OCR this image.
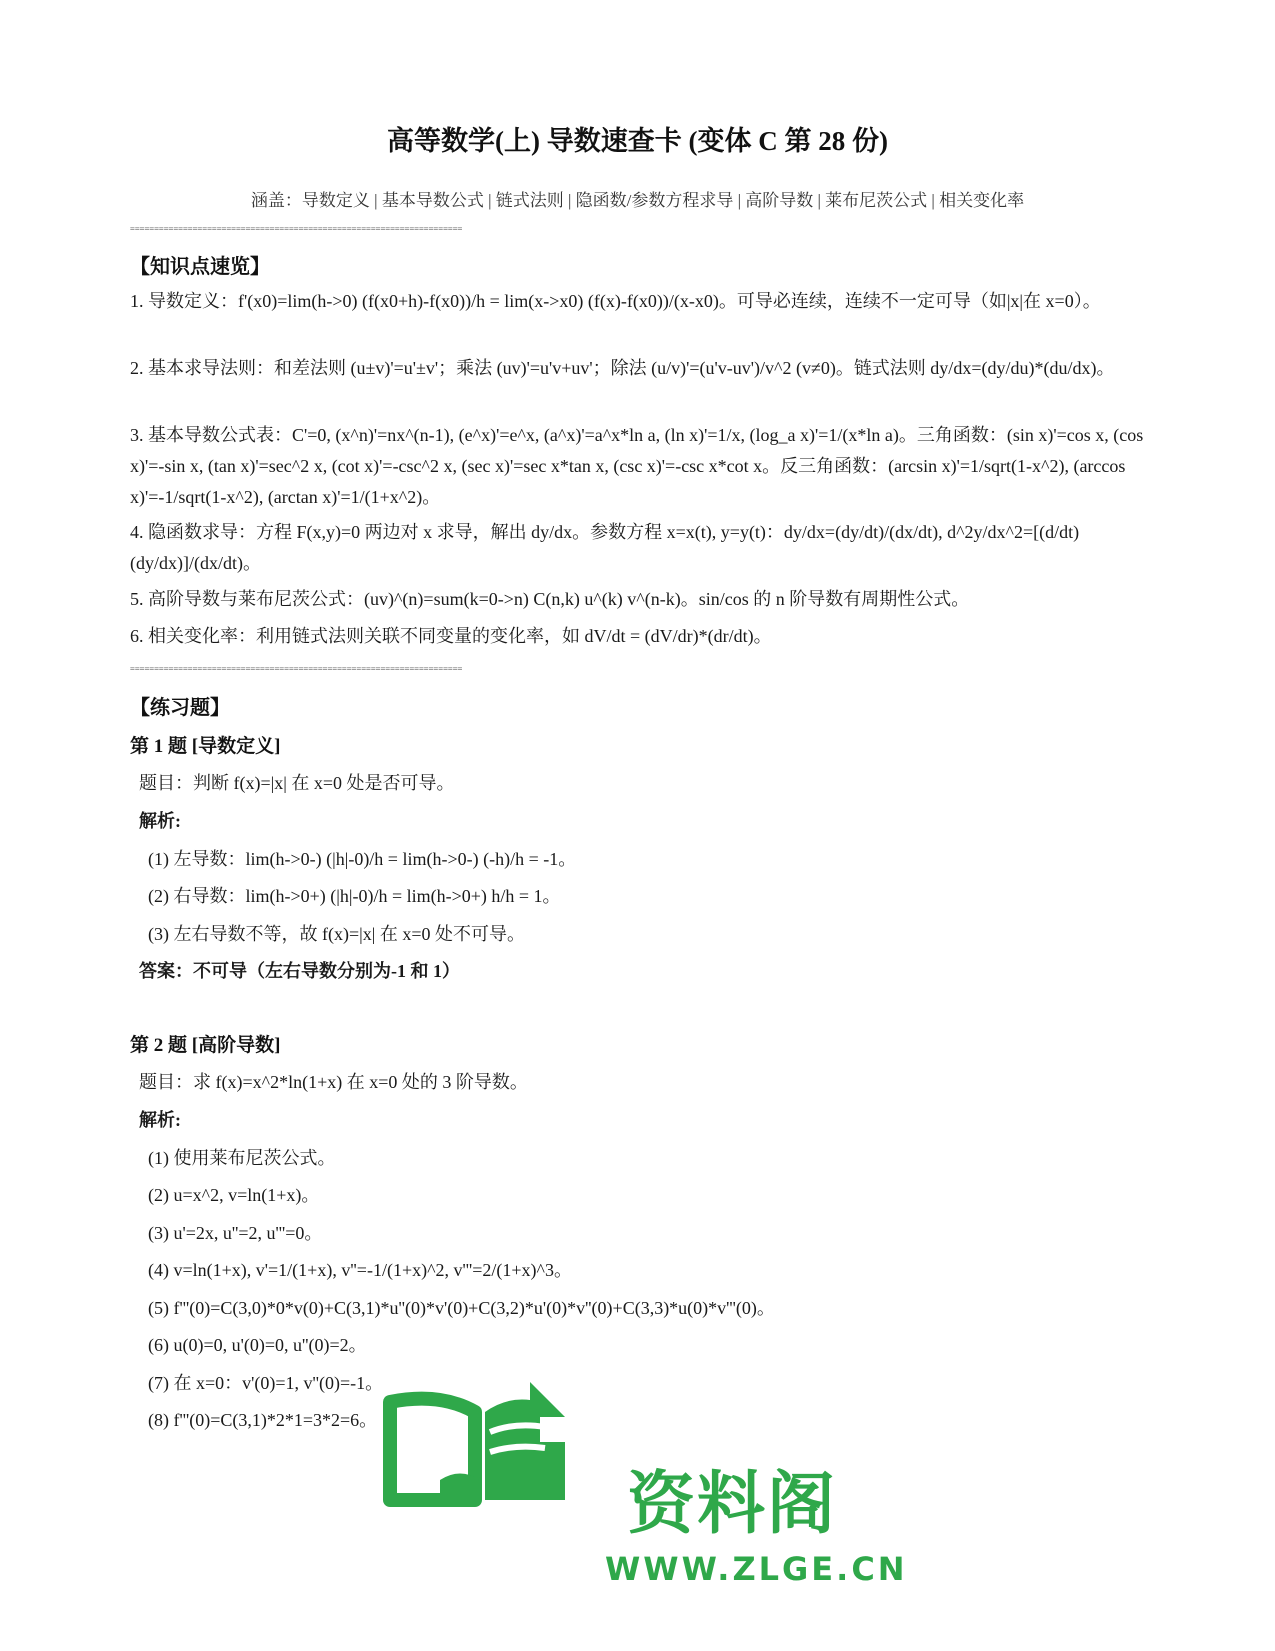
高等数学(上) 导数速查卡 (变体 C 第 28 份)
涵盖：导数定义 | 基本导数公式 | 链式法则 | 隐函数/参数方程求导 | 高阶导数 | 莱布尼茨公式 | 相关变化率
=====================================================================
【知识点速览】
1. 导数定义：f'(x0)=lim(h->0) (f(x0+h)-f(x0))/h = lim(x->x0) (f(x)-f(x0))/(x-x0)。可导必连续，连续不一定可导（如|x|在 x=0）。
2. 基本求导法则：和差法则 (u±v)'=u'±v'；乘法 (uv)'=u'v+uv'；除法 (u/v)'=(u'v-uv')/v^2 (v≠0)。链式法则 dy/dx=(dy/du)*(du/dx)。
3. 基本导数公式表：C'=0, (x^n)'=nx^(n-1), (e^x)'=e^x, (a^x)'=a^x*ln a, (ln x)'=1/x, (log_a x)'=1/(x*ln a)。三角函数：(sin x)'=cos x, (cos x)'=-sin x, (tan x)'=sec^2 x, (cot x)'=-csc^2 x, (sec x)'=sec x*tan x, (csc x)'=-csc x*cot x。反三角函数：(arcsin x)'=1/sqrt(1-x^2), (arccos x)'=-1/sqrt(1-x^2), (arctan x)'=1/(1+x^2)。
4. 隐函数求导：方程 F(x,y)=0 两边对 x 求导，解出 dy/dx。参数方程 x=x(t), y=y(t)：dy/dx=(dy/dt)/(dx/dt), d^2y/dx^2=[(d/dt)(dy/dx)]/(dx/dt)。
5. 高阶导数与莱布尼茨公式：(uv)^(n)=sum(k=0->n) C(n,k) u^(k) v^(n-k)。sin/cos 的 n 阶导数有周期性公式。
6. 相关变化率：利用链式法则关联不同变量的变化率，如 dV/dt = (dV/dr)*(dr/dt)。
=====================================================================
【练习题】
第 1 题 [导数定义]
题目：判断 f(x)=|x| 在 x=0 处是否可导。
解析:
(1) 左导数：lim(h->0-) (|h|-0)/h = lim(h->0-) (-h)/h = -1。
(2) 右导数：lim(h->0+) (|h|-0)/h = lim(h->0+) h/h = 1。
(3) 左右导数不等，故 f(x)=|x| 在 x=0 处不可导。
答案：不可导（左右导数分别为-1 和 1）
第 2 题 [高阶导数]
题目：求 f(x)=x^2*ln(1+x) 在 x=0 处的 3 阶导数。
解析:
(1) 使用莱布尼茨公式。
(2) u=x^2, v=ln(1+x)。
(3) u'=2x, u''=2, u'''=0。
(4) v=ln(1+x), v'=1/(1+x), v''=-1/(1+x)^2, v'''=2/(1+x)^3。
(5) f'''(0)=C(3,0)*0*v(0)+C(3,1)*u''(0)*v'(0)+C(3,2)*u'(0)*v''(0)+C(3,3)*u(0)*v'''(0)。
(6) u(0)=0, u'(0)=0, u''(0)=2。
(7) 在 x=0：v'(0)=1, v''(0)=-1。
(8) f'''(0)=C(3,1)*2*1=3*2=6。
资料阁
WWW.ZLGE.CN
